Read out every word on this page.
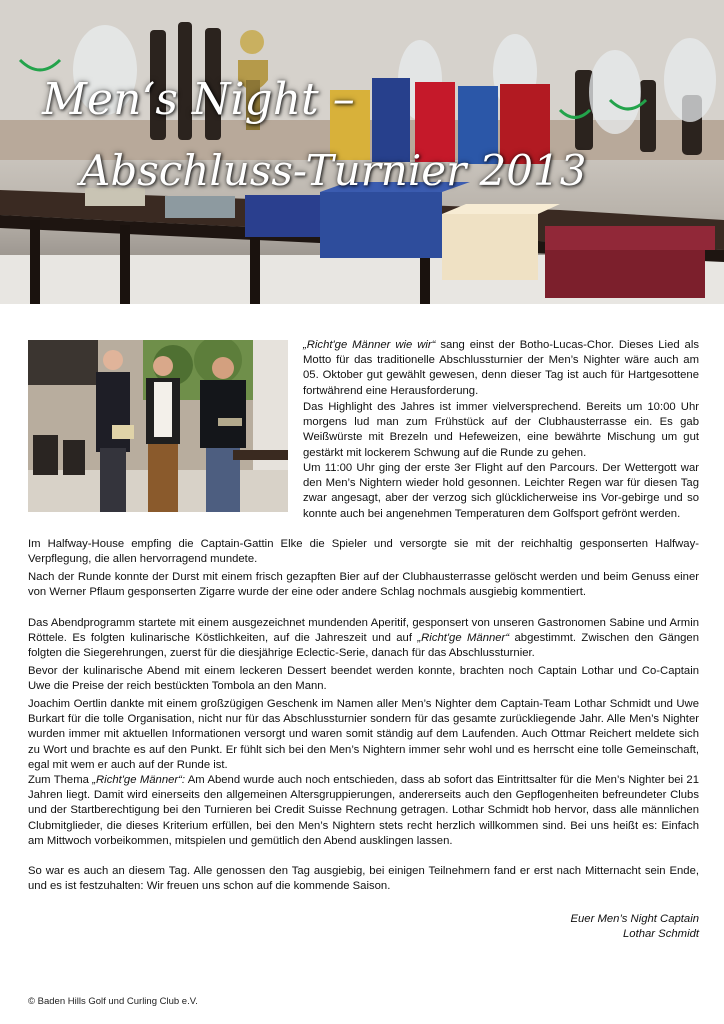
Men‘s Night –
Abschluss-Turnier 2013

„Richt'ge Männer wie wir“ sang einst der Botho-Lucas-Chor. Dieses Lied als Motto für das traditionelle Abschlussturnier der Men’s Nighter wäre auch am 05. Oktober gut gewählt gewesen, denn dieser Tag ist auch für Hartgesottene fortwährend eine Herausforderung.

Das Highlight des Jahres ist immer vielversprechend. Bereits um 10:00 Uhr morgens lud man zum Frühstück auf der Clubhausterrasse ein. Es gab Weißwürste mit Brezeln und Hefeweizen, eine bewährte Mischung um gut gestärkt mit lockerem Schwung auf die Runde zu gehen.

Um 11:00 Uhr ging der erste 3er Flight auf den Parcours. Der Wettergott war den Men’s Nightern wieder hold gesonnen. Leichter Regen war für diesen Tag zwar angesagt, aber der verzog sich glücklicherweise ins Vor-gebirge und so konnte auch bei angenehmen Temperaturen dem Golfsport gefrönt werden.

Im Halfway-House empfing die Captain-Gattin Elke die Spieler und versorgte sie mit der reichhaltig gesponserten Halfway-Verpflegung, die allen hervorragend mundete.

Nach der Runde konnte der Durst mit einem frisch gezapften Bier auf der Clubhausterrasse gelöscht werden und beim Genuss einer von Werner Pflaum gesponserten Zigarre wurde der eine oder andere Schlag nochmals ausgiebig kommentiert.

Das Abendprogramm startete mit einem ausgezeichnet mundenden Aperitif, gesponsert von unseren Gastronomen Sabine und Armin Röttele. Es folgten kulinarische Köstlichkeiten, auf die Jahreszeit und auf „Richt'ge Männer“ abgestimmt. Zwischen den Gängen folgten die Siegerehrungen, zuerst für die diesjährige Eclectic-Serie, danach für das Abschlussturnier.

Bevor der kulinarische Abend mit einem leckeren Dessert beendet werden konnte, brachten noch Captain Lothar und Co-Captain Uwe die Preise der reich bestückten Tombola an den Mann.

Joachim Oertlin dankte mit einem großzügigen Geschenk im Namen aller Men’s Nighter dem Captain-Team Lothar Schmidt und Uwe Burkart für die tolle Organisation, nicht nur für das Abschlussturnier sondern für das gesamte zurückliegende Jahr. Alle Men’s Nighter wurden immer mit aktuellen Informationen versorgt und waren somit ständig auf dem Laufenden. Auch Ottmar Reichert meldete sich zu Wort und brachte es auf den Punkt. Er fühlt sich bei den Men’s Nightern immer sehr wohl und es herrscht eine tolle Gemeinschaft, egal mit wem er auch auf der Runde ist.

Zum Thema „Richt'ge Männer“: Am Abend wurde auch noch entschieden, dass ab sofort das Eintrittsalter für die Men’s Nighter bei 21 Jahren liegt. Damit wird einerseits den allgemeinen Altersgruppierungen, andererseits auch den Gepflogenheiten befreundeter Clubs und der Startberechtigung bei den Turnieren bei Credit Suisse Rechnung getragen. Lothar Schmidt hob hervor, dass alle männlichen Clubmitglieder, die dieses Kriterium erfüllen, bei den Men’s Nightern stets recht herzlich willkommen sind. Bei uns heißt es: Einfach am Mittwoch vorbeikommen, mitspielen und gemütlich den Abend ausklingen lassen.

So war es auch an diesem Tag. Alle genossen den Tag ausgiebig, bei einigen Teilnehmern fand er erst nach Mitternacht sein Ende, und es ist festzuhalten: Wir freuen uns schon auf die kommende Saison.

Euer Men’s Night Captain
Lothar Schmidt
© Baden Hills Golf und Curling Club e.V.
